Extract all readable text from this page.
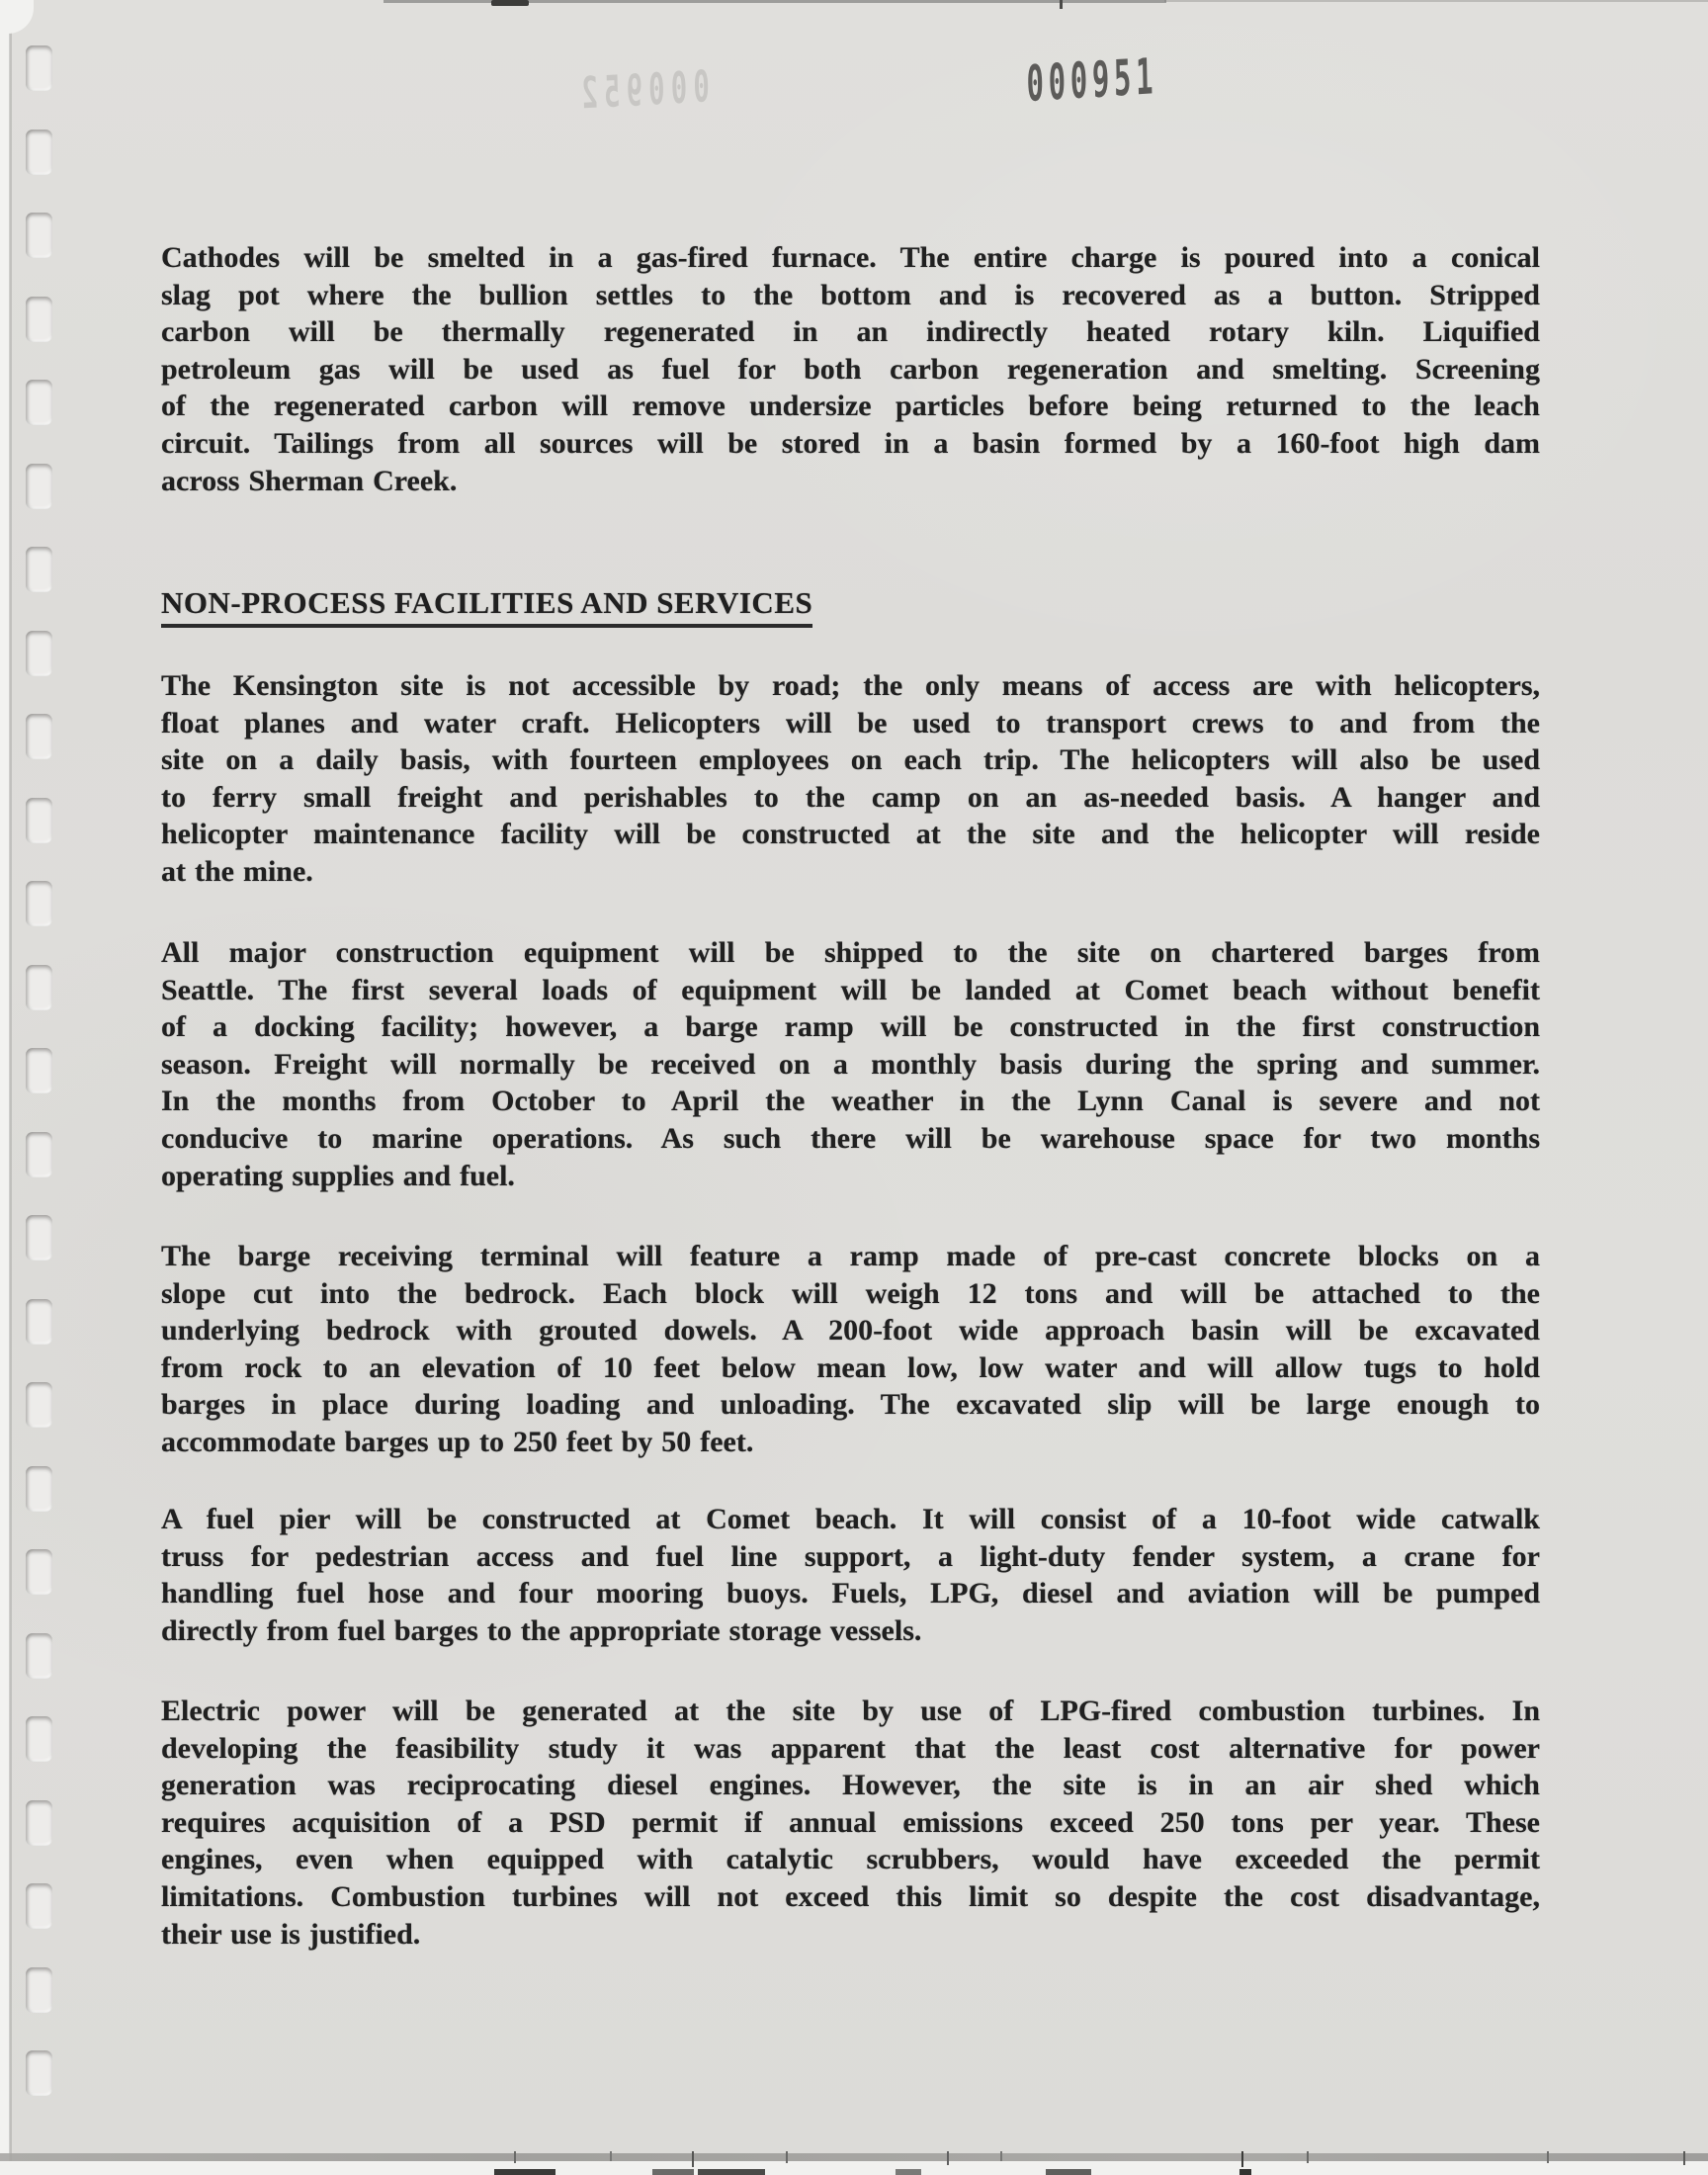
000952	000951
Cathodes will be smelted in a gas-fired furnace. The entire charge is poured into a conical
slag pot where the bullion settles to the bottom and is recovered as a button. Stripped
carbon will be thermally regenerated in an indirectly heated rotary kiln. Liquified
petroleum gas will be used as fuel for both carbon regeneration and smelting. Screening
of the regenerated carbon will remove undersize particles before being returned to the leach
circuit. Tailings from all sources will be stored in a basin formed by a 160-foot high dam
across Sherman Creek.
NON-PROCESS FACILITIES AND SERVICES
The Kensington site is not accessible by road; the only means of access are with helicopters,
float planes and water craft. Helicopters will be used to transport crews to and from the
site on a daily basis, with fourteen employees on each trip. The helicopters will also be used
to ferry small freight and perishables to the camp on an as-needed basis. A hanger and
helicopter maintenance facility will be constructed at the site and the helicopter will reside
at the mine.
All major construction equipment will be shipped to the site on chartered barges from
Seattle. The first several loads of equipment will be landed at Comet beach without benefit
of a docking facility; however, a barge ramp will be constructed in the first construction
season. Freight will normally be received on a monthly basis during the spring and summer.
In the months from October to April the weather in the Lynn Canal is severe and not
conducive to marine operations. As such there will be warehouse space for two months
operating supplies and fuel.
The barge receiving terminal will feature a ramp made of pre-cast concrete blocks on a
slope cut into the bedrock. Each block will weigh 12 tons and will be attached to the
underlying bedrock with grouted dowels. A 200-foot wide approach basin will be excavated
from rock to an elevation of 10 feet below mean low, low water and will allow tugs to hold
barges in place during loading and unloading. The excavated slip will be large enough to
accommodate barges up to 250 feet by 50 feet.
A fuel pier will be constructed at Comet beach. It will consist of a 10-foot wide catwalk
truss for pedestrian access and fuel line support, a light-duty fender system, a crane for
handling fuel hose and four mooring buoys. Fuels, LPG, diesel and aviation will be pumped
directly from fuel barges to the appropriate storage vessels.
Electric power will be generated at the site by use of LPG-fired combustion turbines. In
developing the feasibility study it was apparent that the least cost alternative for power
generation was reciprocating diesel engines. However, the site is in an air shed which
requires acquisition of a PSD permit if annual emissions exceed 250 tons per year. These
engines, even when equipped with catalytic scrubbers, would have exceeded the permit
limitations. Combustion turbines will not exceed this limit so despite the cost disadvantage,
their use is justified.
